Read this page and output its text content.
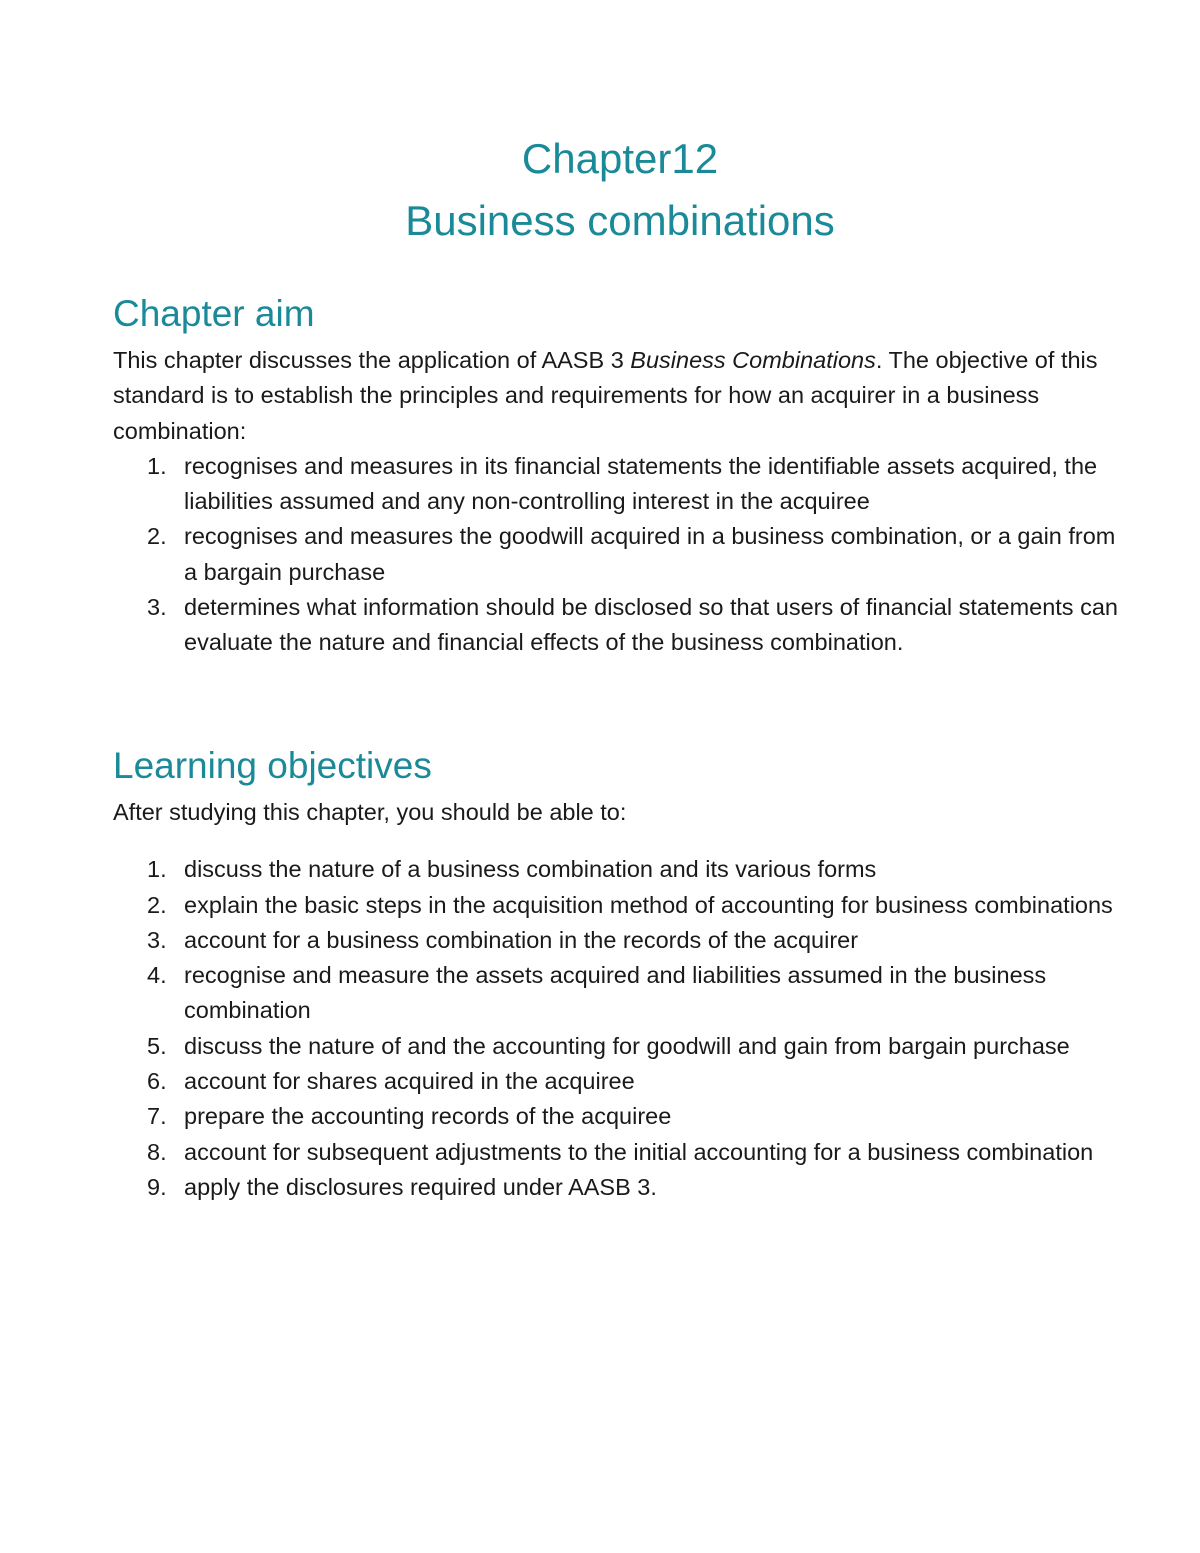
Chapter12
Business combinations
Chapter aim

This chapter discusses the application of AASB 3 Business Combinations. The objective of this standard is to establish the principles and requirements for how an acquirer in a business combination:

1. recognises and measures in its financial statements the identifiable assets acquired, the liabilities assumed and any non-controlling interest in the acquiree
2. recognises and measures the goodwill acquired in a business combination, or a gain from a bargain purchase
3. determines what information should be disclosed so that users of financial statements can evaluate the nature and financial effects of the business combination.
Learning objectives

After studying this chapter, you should be able to:

1. discuss the nature of a business combination and its various forms
2. explain the basic steps in the acquisition method of accounting for business combinations
3. account for a business combination in the records of the acquirer
4. recognise and measure the assets acquired and liabilities assumed in the business combination
5. discuss the nature of and the accounting for goodwill and gain from bargain purchase
6. account for shares acquired in the acquiree
7. prepare the accounting records of the acquiree
8. account for subsequent adjustments to the initial accounting for a business combination
9. apply the disclosures required under AASB 3.
